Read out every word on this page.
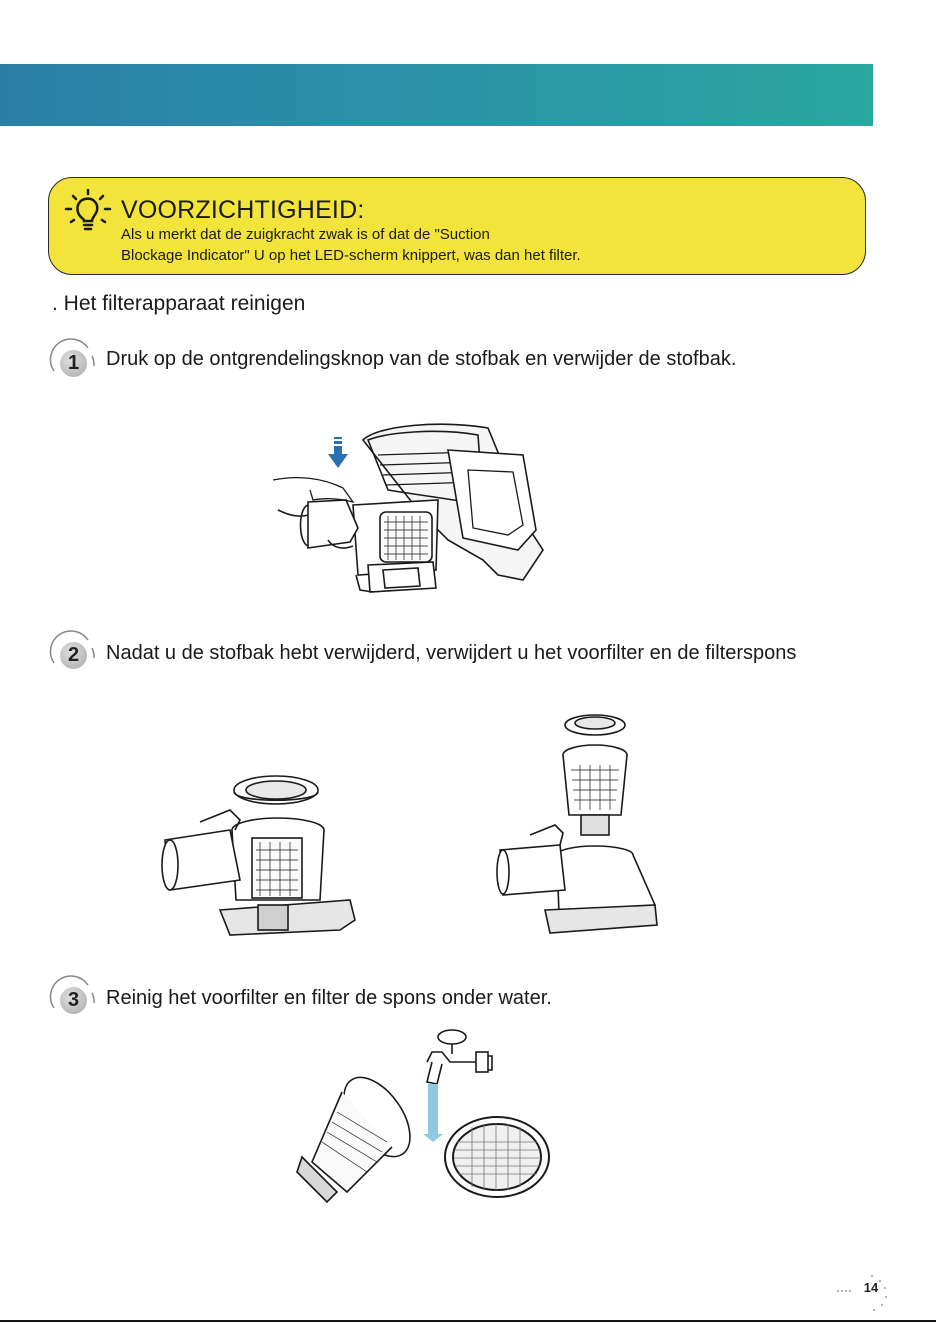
VOORZICHTIGHEID:
Als u merkt dat de zuigkracht zwak is of dat de "Suction
Blockage Indicator" U op het LED-scherm knippert, was dan het filter.
. Het filterapparaat reinigen
1	Druk op de ontgrendelingsknop van de stofbak en verwijder de stofbak.
2	Nadat u de stofbak hebt verwijderd, verwijdert u het voorfilter en de filterspons
3	Reinig het voorfilter en filter de spons onder water.
14
